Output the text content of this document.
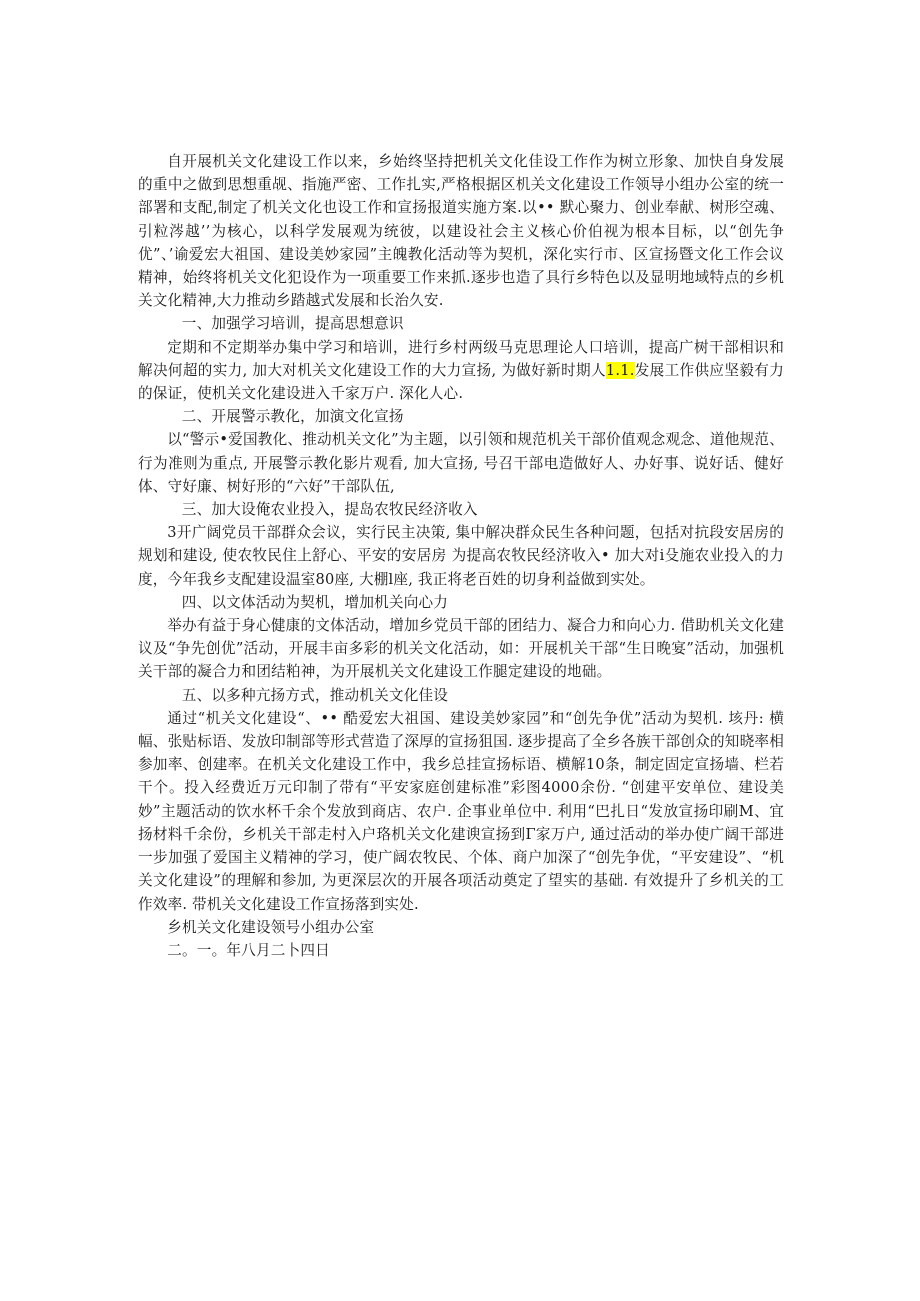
自开展机关文化建设工作以来，乡始终坚持把机关文化佳设工作作为树立形象、加快自身发展的重中之做到思想重觇、指施严密、工作扎实,严格根据区机关文化建设工作领导小组办公室的统一部署和支配,制定了机关文化也设工作和宣扬报道实施方案.以•• 默心聚力、创业奉献、树形空魂、引粒涔越’’为核心，以科学发展观为统彼，以建设社会主义核心价伯视为根本目标，以“创先争优”、’谕爱宏大祖国、建设美妙家园”主魄教化活动等为契机，深化实行市、区宣扬暨文化工作会议精神，始终将机关文化犯设作为一项重要工作来抓.逐步也造了具行乡特色以及显明地域特点的乡机关文化精神,大力推动乡踏越式发展和长治久安.

一、加强学习培训，提高思想意识

定期和不定期举办集中学习和培训，进行乡村两级马克思理论人口培训，提高广树干部相识和解决何超的实力, 加大对机关文化建设工作的大力宣扬, 为做好新时期人1.1.发展工作供应坚毅有力的保证，使机关文化建设进入千家万户. 深化人心.

二、开展警示教化，加演文化宣扬

以“警示•爱国教化、推动机关文化”为主题，以引领和规范机关干部价值观念观念、道他规范、行为准则为重点, 开展警示教化影片观看, 加大宣扬, 号召干部电造做好人、办好事、说好话、健好体、守好廉、树好形的“六好”干部队伍,

三、加大设俺农业投入，提岛农牧民经济收入

3开广阔党员干部群众会议，实行民主决策, 集中解决群众民生各种问题，包括对抗段安居房的规划和建设, 使农牧民住上舒心、平安的安居房 为提高农牧民经济收入• 加大对i殳施农业投入的力度，今年我乡支配建设温室80座, 大棚l座, 我正将老百姓的切身利益做到实处。

四、以文体活动为契机，增加机关向心力

举办有益于身心健康的文体活动，增加乡党员干部的团结力、凝合力和向心力. 借助机关文化建议及“争先创优”活动，开展丰亩多彩的机关文化活动，如：开展机关干部“生日晚宴”活动，加强机关干部的凝合力和团结粕神，为开展机关文化建设工作腿定建设的地础。

五、以多种亢扬方式，推动机关文化佳设

通过“机关文化建设“、•• 酷爱宏大祖国、建设美妙家园”和“创先争优”活动为契机. 垓丹: 横幅、张贴标语、发放印制部等形式营造了深厚的宣扬狙国. 逐步提高了全乡各族干部创众的知晓率相参加率、创建率。在机关文化建设工作中，我乡总挂宣扬标语、横解10条，制定固定宣扬墙、栏若干个。投入经费近万元印制了带有“平安家庭创建标准”彩图4000余份. “创建平安单位、建设美妙”主题活动的饮水杯千余个发放到商店、农户. 企事业单位中. 利用“巴扎日“发放宣扬印刷M、宜扬材料千余份，乡机关干部走村入户珞机关文化建谀宣扬到Γ家万户, 通过活动的举办使广阔干部进一步加强了爱国主义精神的学习，使广阔农牧民、个体、商户加深了“创先争优，“平安建设”、“机关文化建设”的理解和参加, 为更深层次的开展各项活动奠定了望实的基础. 有效提升了乡机关的工作效率. 带机关文化建设工作宣扬落到实处.

乡机关文化建设领号小组办公室

二。一。年八月二卜四日
